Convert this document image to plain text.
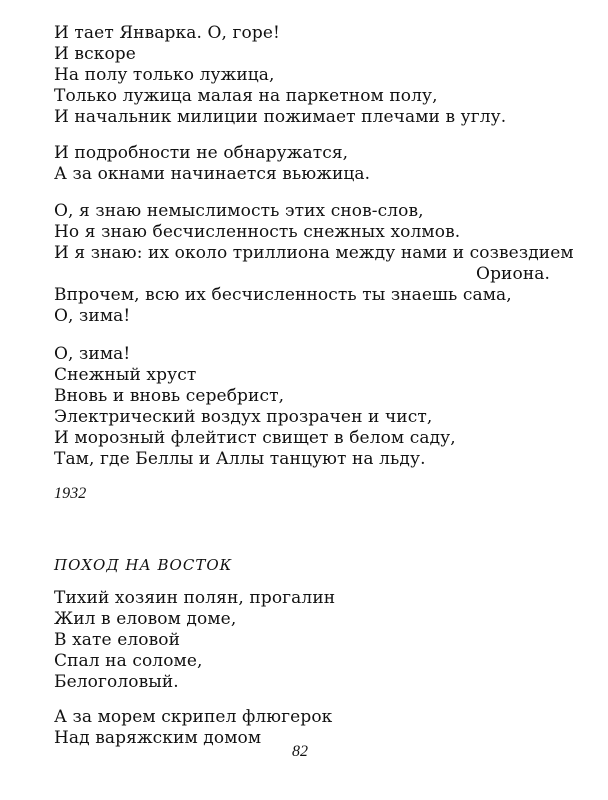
И тает Январка. О, горе!
И вскоре
На полу только лужица,
Только лужица малая на паркетном полу,
И начальник милиции пожимает плечами в углу.
И подробности не обнаружатся,
А за окнами начинается вьюжица.
О, я знаю немыслимость этих снов-слов,
Но я знаю бесчисленность снежных холмов.
И я знаю: их около триллиона между нами и созвездием
Ориона.
Впрочем, всю их бесчисленность ты знаешь сама,
О, зима!
О, зима!
Снежный хруст
Вновь и вновь серебрист,
Электрический воздух прозрачен и чист,
И морозный флейтист свищет в белом саду,
Там, где Беллы и Аллы танцуют на льду.
1932
ПОХОД НА ВОСТОК
Тихий хозяин полян, прогалин
Жил в еловом доме,
В хате еловой
Спал на соломе,
Белоголовый.
А за морем скрипел флюгерок
Над варяжским домом
82
